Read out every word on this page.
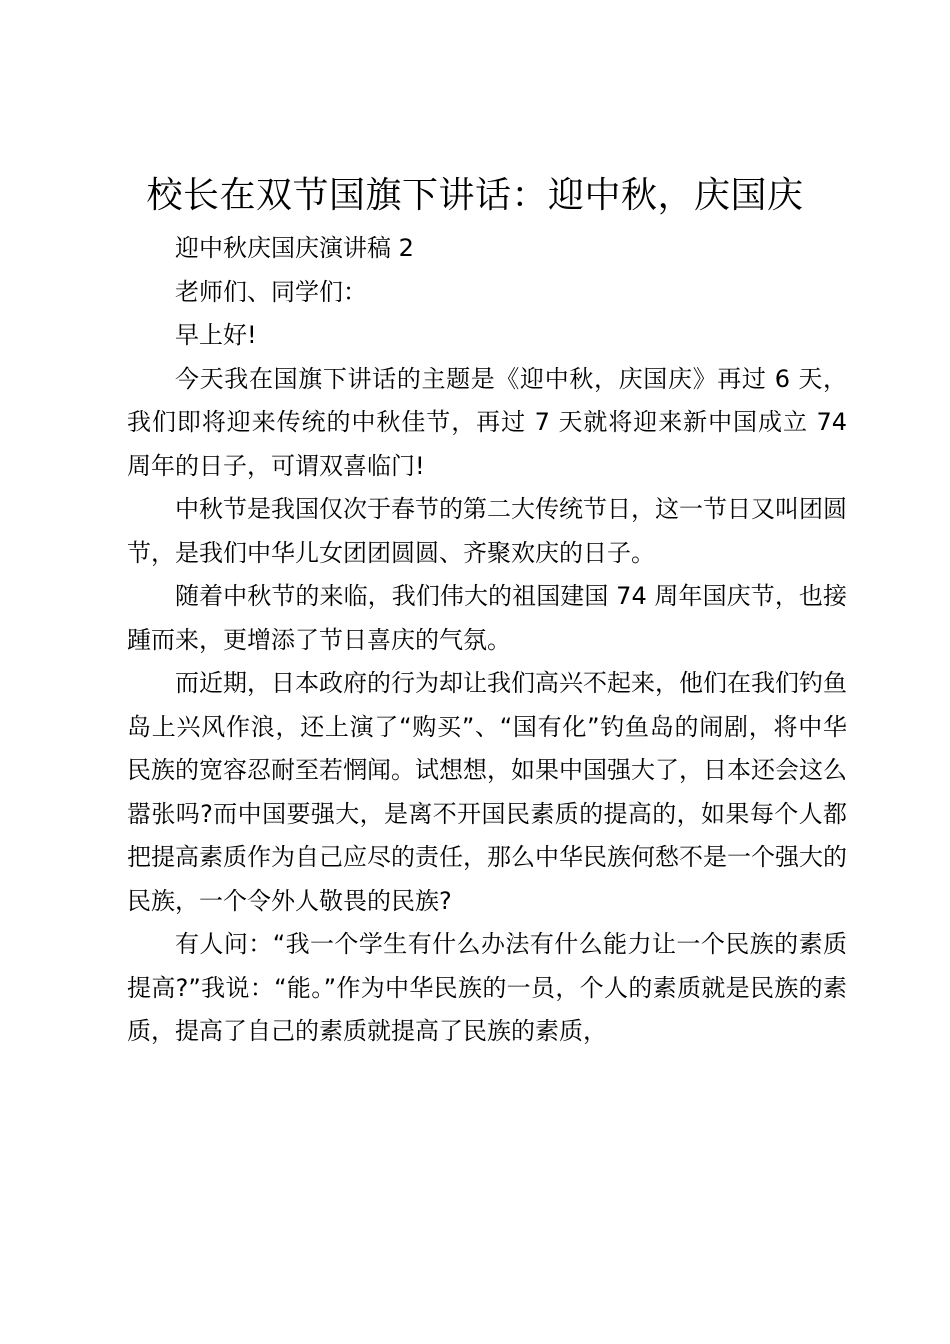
校长在双节国旗下讲话：迎中秋，庆国庆

迎中秋庆国庆演讲稿 2

老师们、同学们：

早上好!

今天我在国旗下讲话的主题是《迎中秋，庆国庆》再过 6 天，我们即将迎来传统的中秋佳节，再过 7 天就将迎来新中国成立 74 周年的日子，可谓双喜临门!

中秋节是我国仅次于春节的第二大传统节日，这一节日又叫团圆节，是我们中华儿女团团圆圆、齐聚欢庆的日子。

随着中秋节的来临，我们伟大的祖国建国 74 周年国庆节，也接踵而来，更增添了节日喜庆的气氛。

而近期，日本政府的行为却让我们高兴不起来，他们在我们钓鱼岛上兴风作浪，还上演了“购买”、“国有化”钓鱼岛的闹剧，将中华民族的宽容忍耐至若惘闻。试想想，如果中国强大了，日本还会这么嚣张吗?而中国要强大，是离不开国民素质的提高的，如果每个人都把提高素质作为自己应尽的责任，那么中华民族何愁不是一个强大的民族，一个令外人敬畏的民族?

有人问：“我一个学生有什么办法有什么能力让一个民族的素质提高?”我说：“能。”作为中华民族的一员，个人的素质就是民族的素质，提高了自己的素质就提高了民族的素质，
